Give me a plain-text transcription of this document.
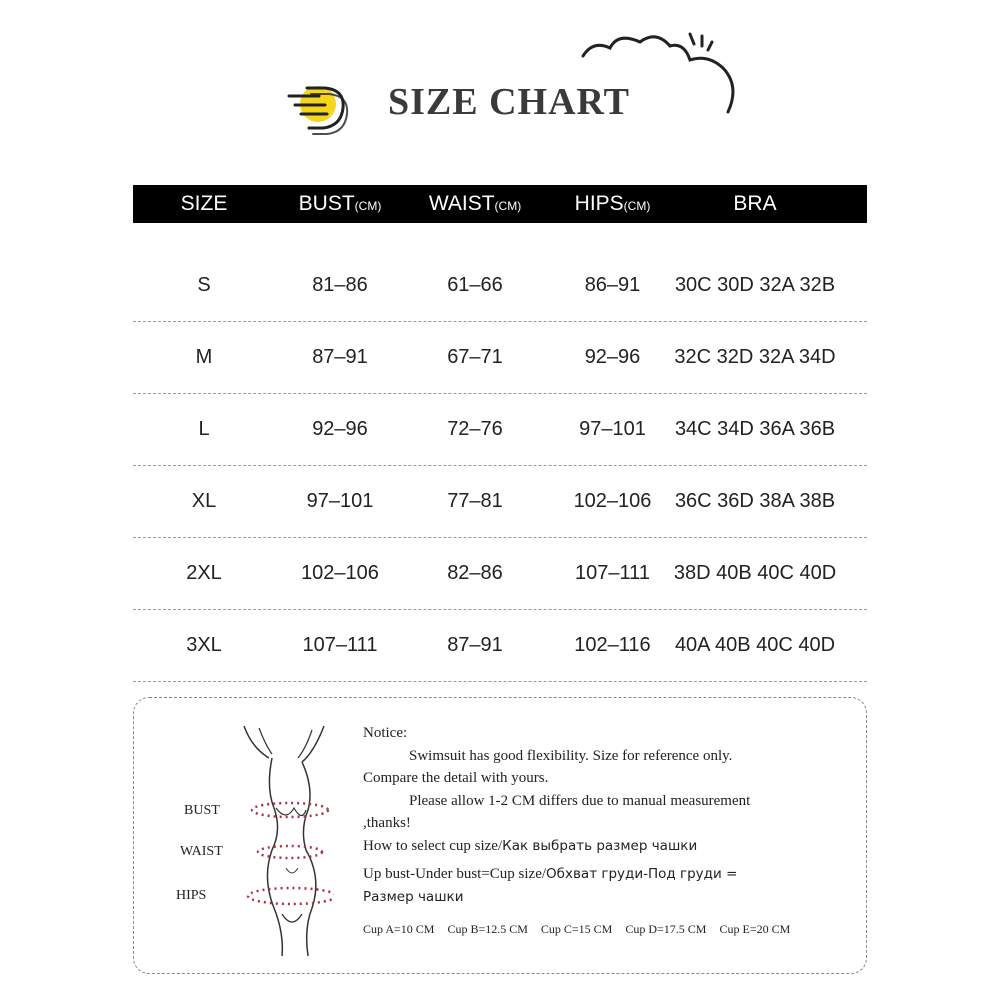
SIZE CHART
SIZE	BUST(CM)	WAIST(CM)	HIPS(CM)	BRA
S	81–86	61–66	86–91	30C 30D 32A 32B
M	87–91	67–71	92–96	32C 32D 32A 34D
L	92–96	72–76	97–101	34C 34D 36A 36B
XL	97–101	77–81	102–106	36C 36D 38A 38B
2XL	102–106	82–86	107–111	38D 40B 40C 40D
3XL	107–111	87–91	102–116	40A 40B 40C 40D
BUST
WAIST
HIPS
Notice:
Swimsuit has good flexibility. Size for reference only.
Compare the detail with yours.
Please allow 1-2 CM differs due to manual measurement
,thanks!
How to select cup size/Как выбрать размер чашки
Up bust-Under bust=Cup size/Обхват груди-Под груди =
Размер чашки
Cup A=10 CM Cup B=12.5 CM Cup C=15 CM Cup D=17.5 CM Cup E=20 CM
